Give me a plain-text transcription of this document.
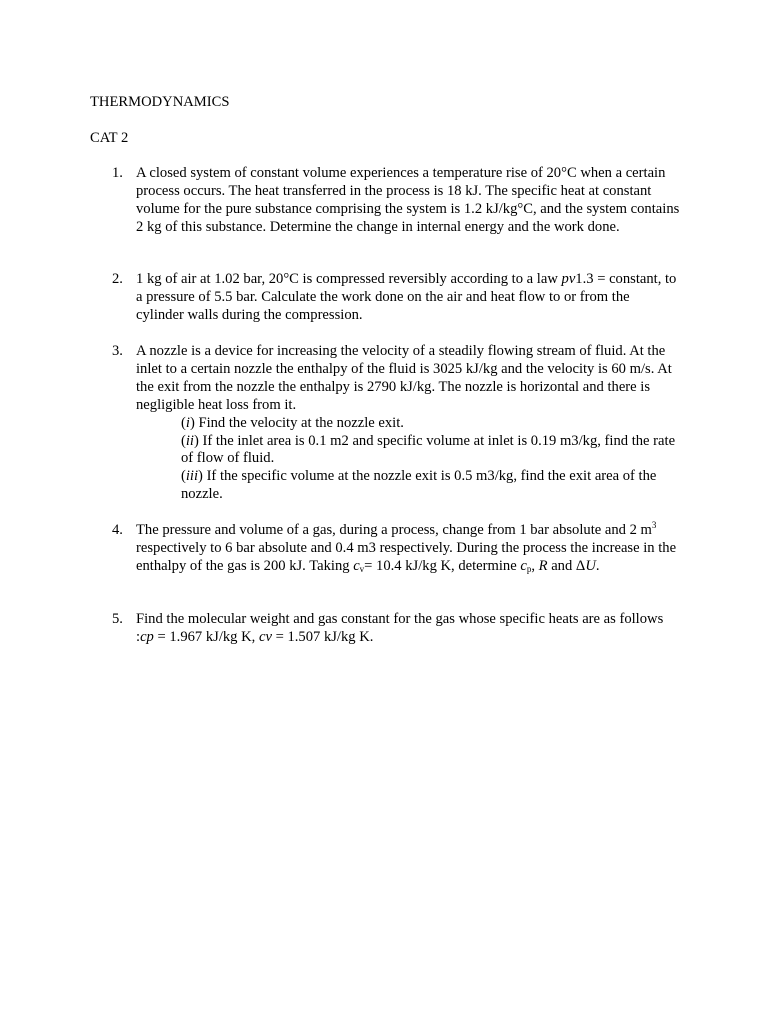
THERMODYNAMICS
CAT 2
1. A closed system of constant volume experiences a temperature rise of 20°C when a certain process occurs. The heat transferred in the process is 18 kJ. The specific heat at constant volume for the pure substance comprising the system is 1.2 kJ/kg°C, and the system contains 2 kg of this substance. Determine the change in internal energy and the work done.
2. 1 kg of air at 1.02 bar, 20°C is compressed reversibly according to a law pv1.3 = constant, to a pressure of 5.5 bar. Calculate the work done on the air and heat flow to or from the cylinder walls during the compression.
3. A nozzle is a device for increasing the velocity of a steadily flowing stream of fluid. At the inlet to a certain nozzle the enthalpy of the fluid is 3025 kJ/kg and the velocity is 60 m/s. At the exit from the nozzle the enthalpy is 2790 kJ/kg. The nozzle is horizontal and there is negligible heat loss from it.
(i) Find the velocity at the nozzle exit.
(ii) If the inlet area is 0.1 m2 and specific volume at inlet is 0.19 m3/kg, find the rate of flow of fluid.
(iii) If the specific volume at the nozzle exit is 0.5 m3/kg, find the exit area of the nozzle.
4. The pressure and volume of a gas, during a process, change from 1 bar absolute and 2 $m^3$ respectively to 6 bar absolute and 0.4 m3 respectively. During the process the increase in the enthalpy of the gas is 200 kJ. Taking $c_v= 10.4$ kJ/kg K, determine $c_p$, R and ΔU.
5. Find the molecular weight and gas constant for the gas whose specific heats are as follows :cp = 1.967 kJ/kg K, cv = 1.507 kJ/kg K.
